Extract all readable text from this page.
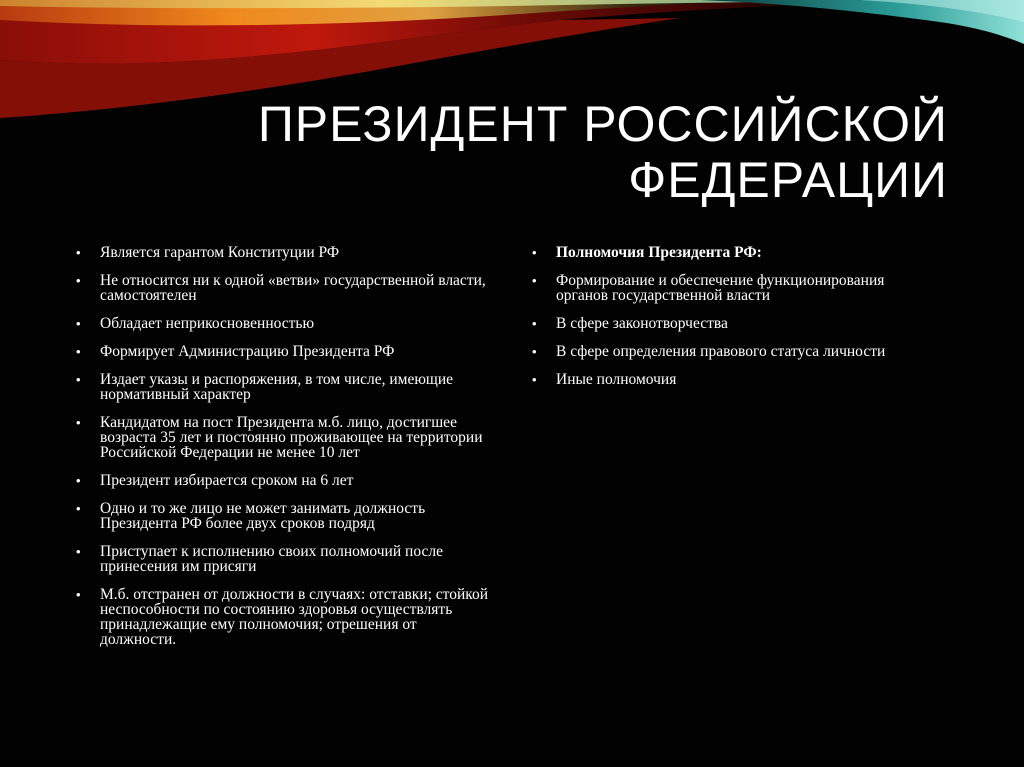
ПРЕЗИДЕНТ РОССИЙСКОЙ
ФЕДЕРАЦИИ
• Является гарантом Конституции РФ
• Не относится ни к одной «ветви» государственной власти, самостоятелен
• Обладает неприкосновенностью
• Формирует Администрацию Президента РФ
• Издает указы и распоряжения, в том числе, имеющие нормативный характер
• Кандидатом на пост Президента м.б. лицо, достигшее возраста 35 лет и постоянно проживающее на территории Российской Федерации не менее 10 лет
• Президент избирается сроком на 6 лет
• Одно и то же лицо не может занимать должность Президента РФ более двух сроков подряд
• Приступает к исполнению своих полномочий после принесения им присяги
• М.б. отстранен от должности в случаях: отставки; стойкой неспособности по состоянию здоровья осуществлять принадлежащие ему полномочия; отрешения от должности.
• Полномочия Президента РФ:
• Формирование и обеспечение функционирования органов государственной власти
• В сфере законотворчества
• В сфере определения правового статуса личности
• Иные полномочия
